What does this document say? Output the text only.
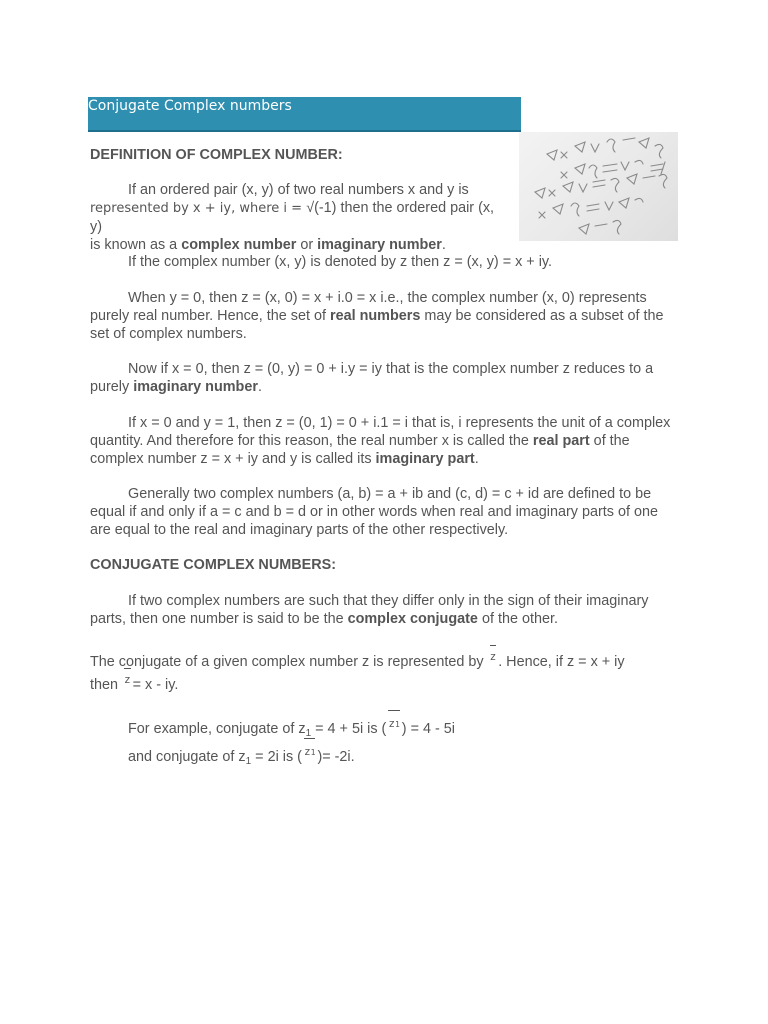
Conjugate Complex numbers
DEFINITION OF COMPLEX NUMBER:
If an ordered pair (x, y) of two real numbers x and y is
represented by x + iy, where i = √(-1) then the ordered pair (x, y)
is known as a complex number or imaginary number.
If the complex number (x, y) is denoted by z then z = (x, y) = x + iy.
When y = 0, then z = (x, 0) = x + i.0 = x i.e., the complex number (x, 0) represents purely real number. Hence, the set of real numbers may be considered as a subset of the set of complex numbers.
Now if x = 0, then z = (0, y) = 0 + i.y = iy that is the complex number z reduces to a purely imaginary number.
If x = 0 and y = 1, then z = (0, 1) = 0 + i.1 = i that is, i represents the unit of a complex quantity. And therefore for this reason, the real number x is called the real part of the complex number z = x + iy and y is called its imaginary part.
Generally two complex numbers (a, b) = a + ib and (c, d) = c + id are defined to be equal if and only if a = c and b = d or in other words when real and imaginary parts of one are equal to the real and imaginary parts of the other respectively.
CONJUGATE COMPLEX NUMBERS:
If two complex numbers are such that they differ only in the sign of their imaginary parts, then one number is said to be the complex conjugate of the other.
The conjugate of a given complex number z is represented by z . Hence, if z = x + iy
then z = x - iy.
For example, conjugate of $z_1 = 4 + 5i$ is ( z1 ) = 4 - 5i
and conjugate of $z_1 = 2i$ is ( z1 )= -2i.
